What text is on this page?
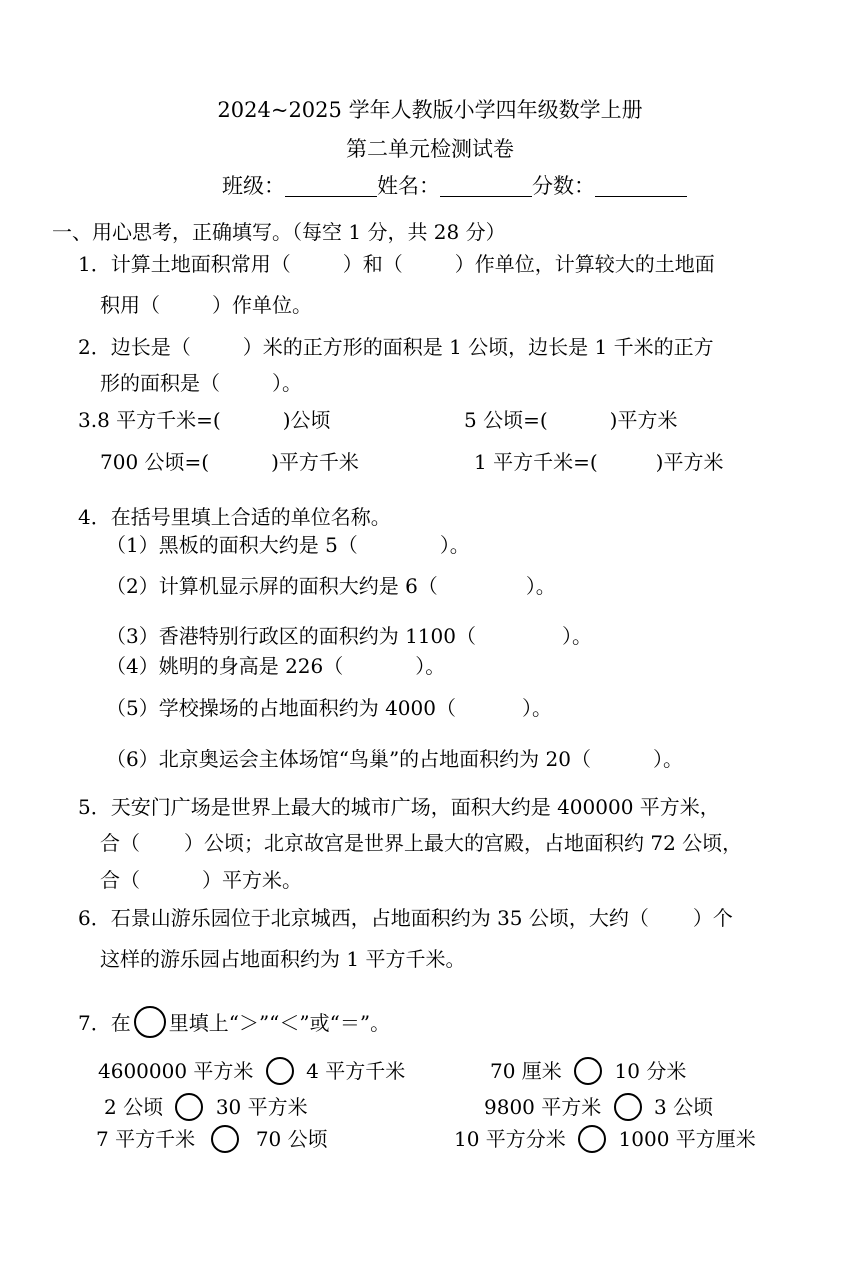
2024~2025 学年人教版小学四年级数学上册
第二单元检测试卷
班级：	姓名：	分数：
一、用心思考，正确填写。（每空 1 分，共 28 分）
1．计算土地面积常用（	）和（	）作单位，计算较大的土地面
积用（	）作单位。
2．边长是（	）米的正方形的面积是 1 公顷，边长是 1 千米的正方
形的面积是（	）。
3.8 平方千米=(	)公顷	5 公顷=(	)平方米
700 公顷=(	)平方千米	1 平方千米=(	)平方米
4．在括号里填上合适的单位名称。
（1）黑板的面积大约是 5（	）。
（2）计算机显示屏的面积大约是 6（	）。
（3）香港特别行政区的面积约为 1100（	）。
（4）姚明的身高是 226（	）。
（5）学校操场的占地面积约为 4000（	）。
（6）北京奥运会主体场馆“鸟巢”的占地面积约为 20（	）。
5．天安门广场是世界上最大的城市广场，面积大约是 400000 平方米，
合（ ）公顷；北京故宫是世界上最大的宫殿，占地面积约 72 公顷，
合（	）平方米。
6．石景山游乐园位于北京城西，占地面积约为 35 公顷，大约（ ）个
这样的游乐园占地面积约为 1 平方千米。
7．在 里填上“＞”“＜”或“＝”。
4600000 平方米	4 平方千米	70 厘米	10 分米
2 公顷	30 平方米	9800 平方米	3 公顷
7 平方千米	70 公顷	10 平方分米	1000 平方厘米
